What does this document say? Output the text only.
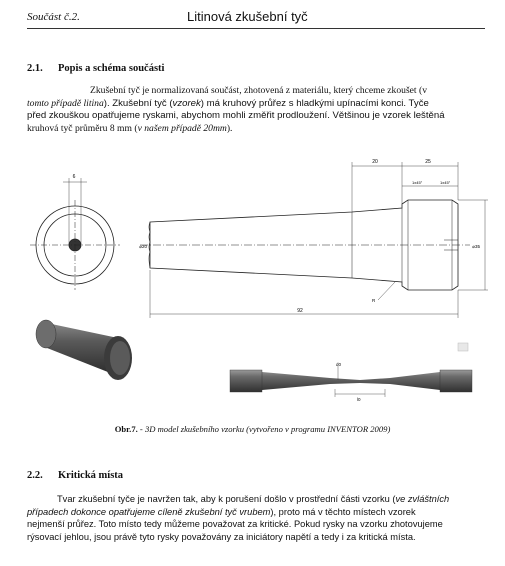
Součást č.2.	Litinová zkušební tyč
2.1. Popis a schéma součásti
Zkušební tyč je normalizovaná součást, zhotovená z materiálu, který chceme zkoušet (v
tomto případě litina). Zkušební tyč (vzorek) má kruhový průřez s hladkými upínacími konci. Tyče
před zkouškou opatřujeme ryskami, abychom mohli změřit prodloužení. Většinou je vzorek leštěná
kruhová tyč průměru 8 mm (v našem případě 20mm).
6
20	25
1x45°	1x45°
⌀20	⌀35
R
92
d0
l0
Obr.7. - 3D model zkušebního vzorku (vytvořeno v programu INVENTOR 2009)
2.2. Kritická místa
Tvar zkušební tyče je navržen tak, aby k porušení došlo v prostřední části vzorku (ve zvláštních
případech dokonce opatřujeme cíleně zkušební tyč vrubem), proto má v těchto místech vzorek
nejmenší průřez. Toto místo tedy můžeme považovat za kritické. Pokud rysky na vzorku zhotovujeme
rýsovací jehlou, jsou právě tyto rysky považovány za iniciátory napětí a tedy i za kritická místa.
